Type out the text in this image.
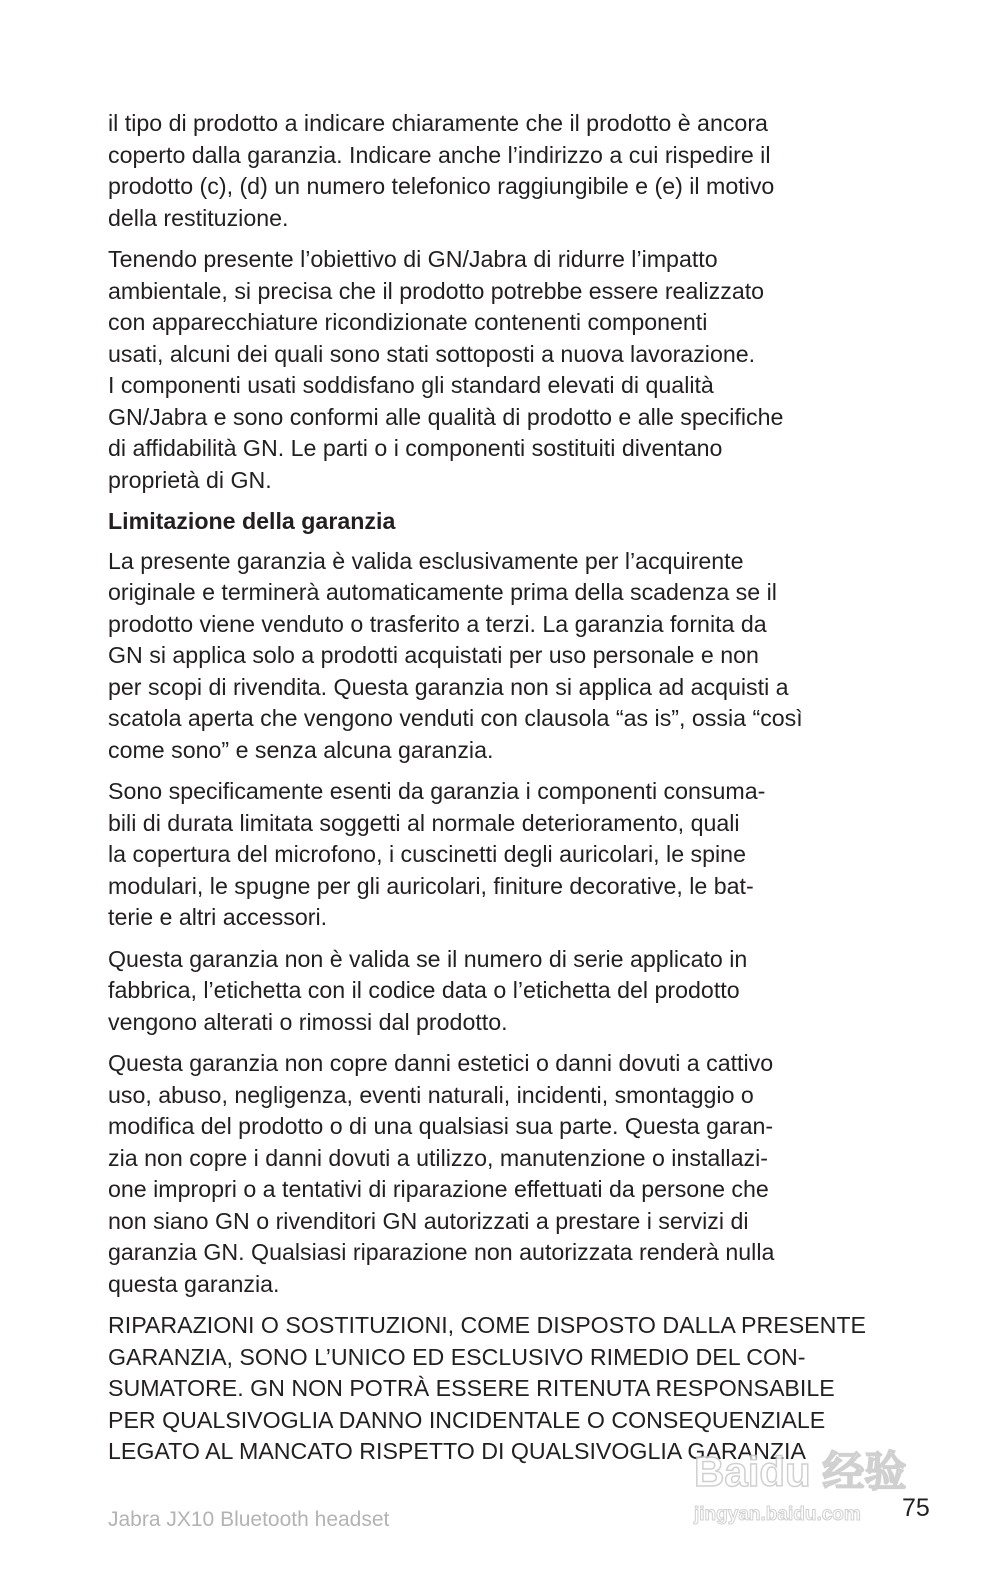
il tipo di prodotto a indicare chiaramente che il prodotto è ancora
coperto dalla garanzia. Indicare anche l’indirizzo a cui rispedire il
prodotto (c), (d) un numero telefonico raggiungibile e (e) il motivo
della restituzione.

Tenendo presente l’obiettivo di GN/Jabra di ridurre l’impatto
ambientale, si precisa che il prodotto potrebbe essere realizzato
con apparecchiature ricondizionate contenenti componenti
usati, alcuni dei quali sono stati sottoposti a nuova lavorazione.
I componenti usati soddisfano gli standard elevati di qualità
GN/Jabra e sono conformi alle qualità di prodotto e alle specifiche
di affidabilità GN. Le parti o i componenti sostituiti diventano
proprietà di GN.

Limitazione della garanzia

La presente garanzia è valida esclusivamente per l’acquirente
originale e terminerà automaticamente prima della scadenza se il
prodotto viene venduto o trasferito a terzi. La garanzia fornita da
GN si applica solo a prodotti acquistati per uso personale e non
per scopi di rivendita. Questa garanzia non si applica ad acquisti a
scatola aperta che vengono venduti con clausola “as is”, ossia “così
come sono” e senza alcuna garanzia.

Sono specificamente esenti da garanzia i componenti consuma-
bili di durata limitata soggetti al normale deterioramento, quali
la copertura del microfono, i cuscinetti degli auricolari, le spine
modulari, le spugne per gli auricolari, finiture decorative, le bat-
terie e altri accessori.

Questa garanzia non è valida se il numero di serie applicato in
fabbrica, l’etichetta con il codice data o l’etichetta del prodotto
vengono alterati o rimossi dal prodotto.

Questa garanzia non copre danni estetici o danni dovuti a cattivo
uso, abuso, negligenza, eventi naturali, incidenti, smontaggio o
modifica del prodotto o di una qualsiasi sua parte. Questa garan-
zia non copre i danni dovuti a utilizzo, manutenzione o installazi-
one impropri o a tentativi di riparazione effettuati da persone che
non siano GN o rivenditori GN autorizzati a prestare i servizi di
garanzia GN. Qualsiasi riparazione non autorizzata renderà nulla
questa garanzia.

RIPARAZIONI O SOSTITUZIONI, COME DISPOSTO DALLA PRESENTE
GARANZIA, SONO L’UNICO ED ESCLUSIVO RIMEDIO DEL CON-
SUMATORE. GN NON POTRÀ ESSERE RITENUTA RESPONSABILE
PER QUALSIVOGLIA DANNO INCIDENTALE O CONSEQUENZIALE
LEGATO AL MANCATO RISPETTO DI QUALSIVOGLIA GARANZIA

Jabra JX10 Bluetooth headset	75
Baidu 经验
jingyan.baidu.com
